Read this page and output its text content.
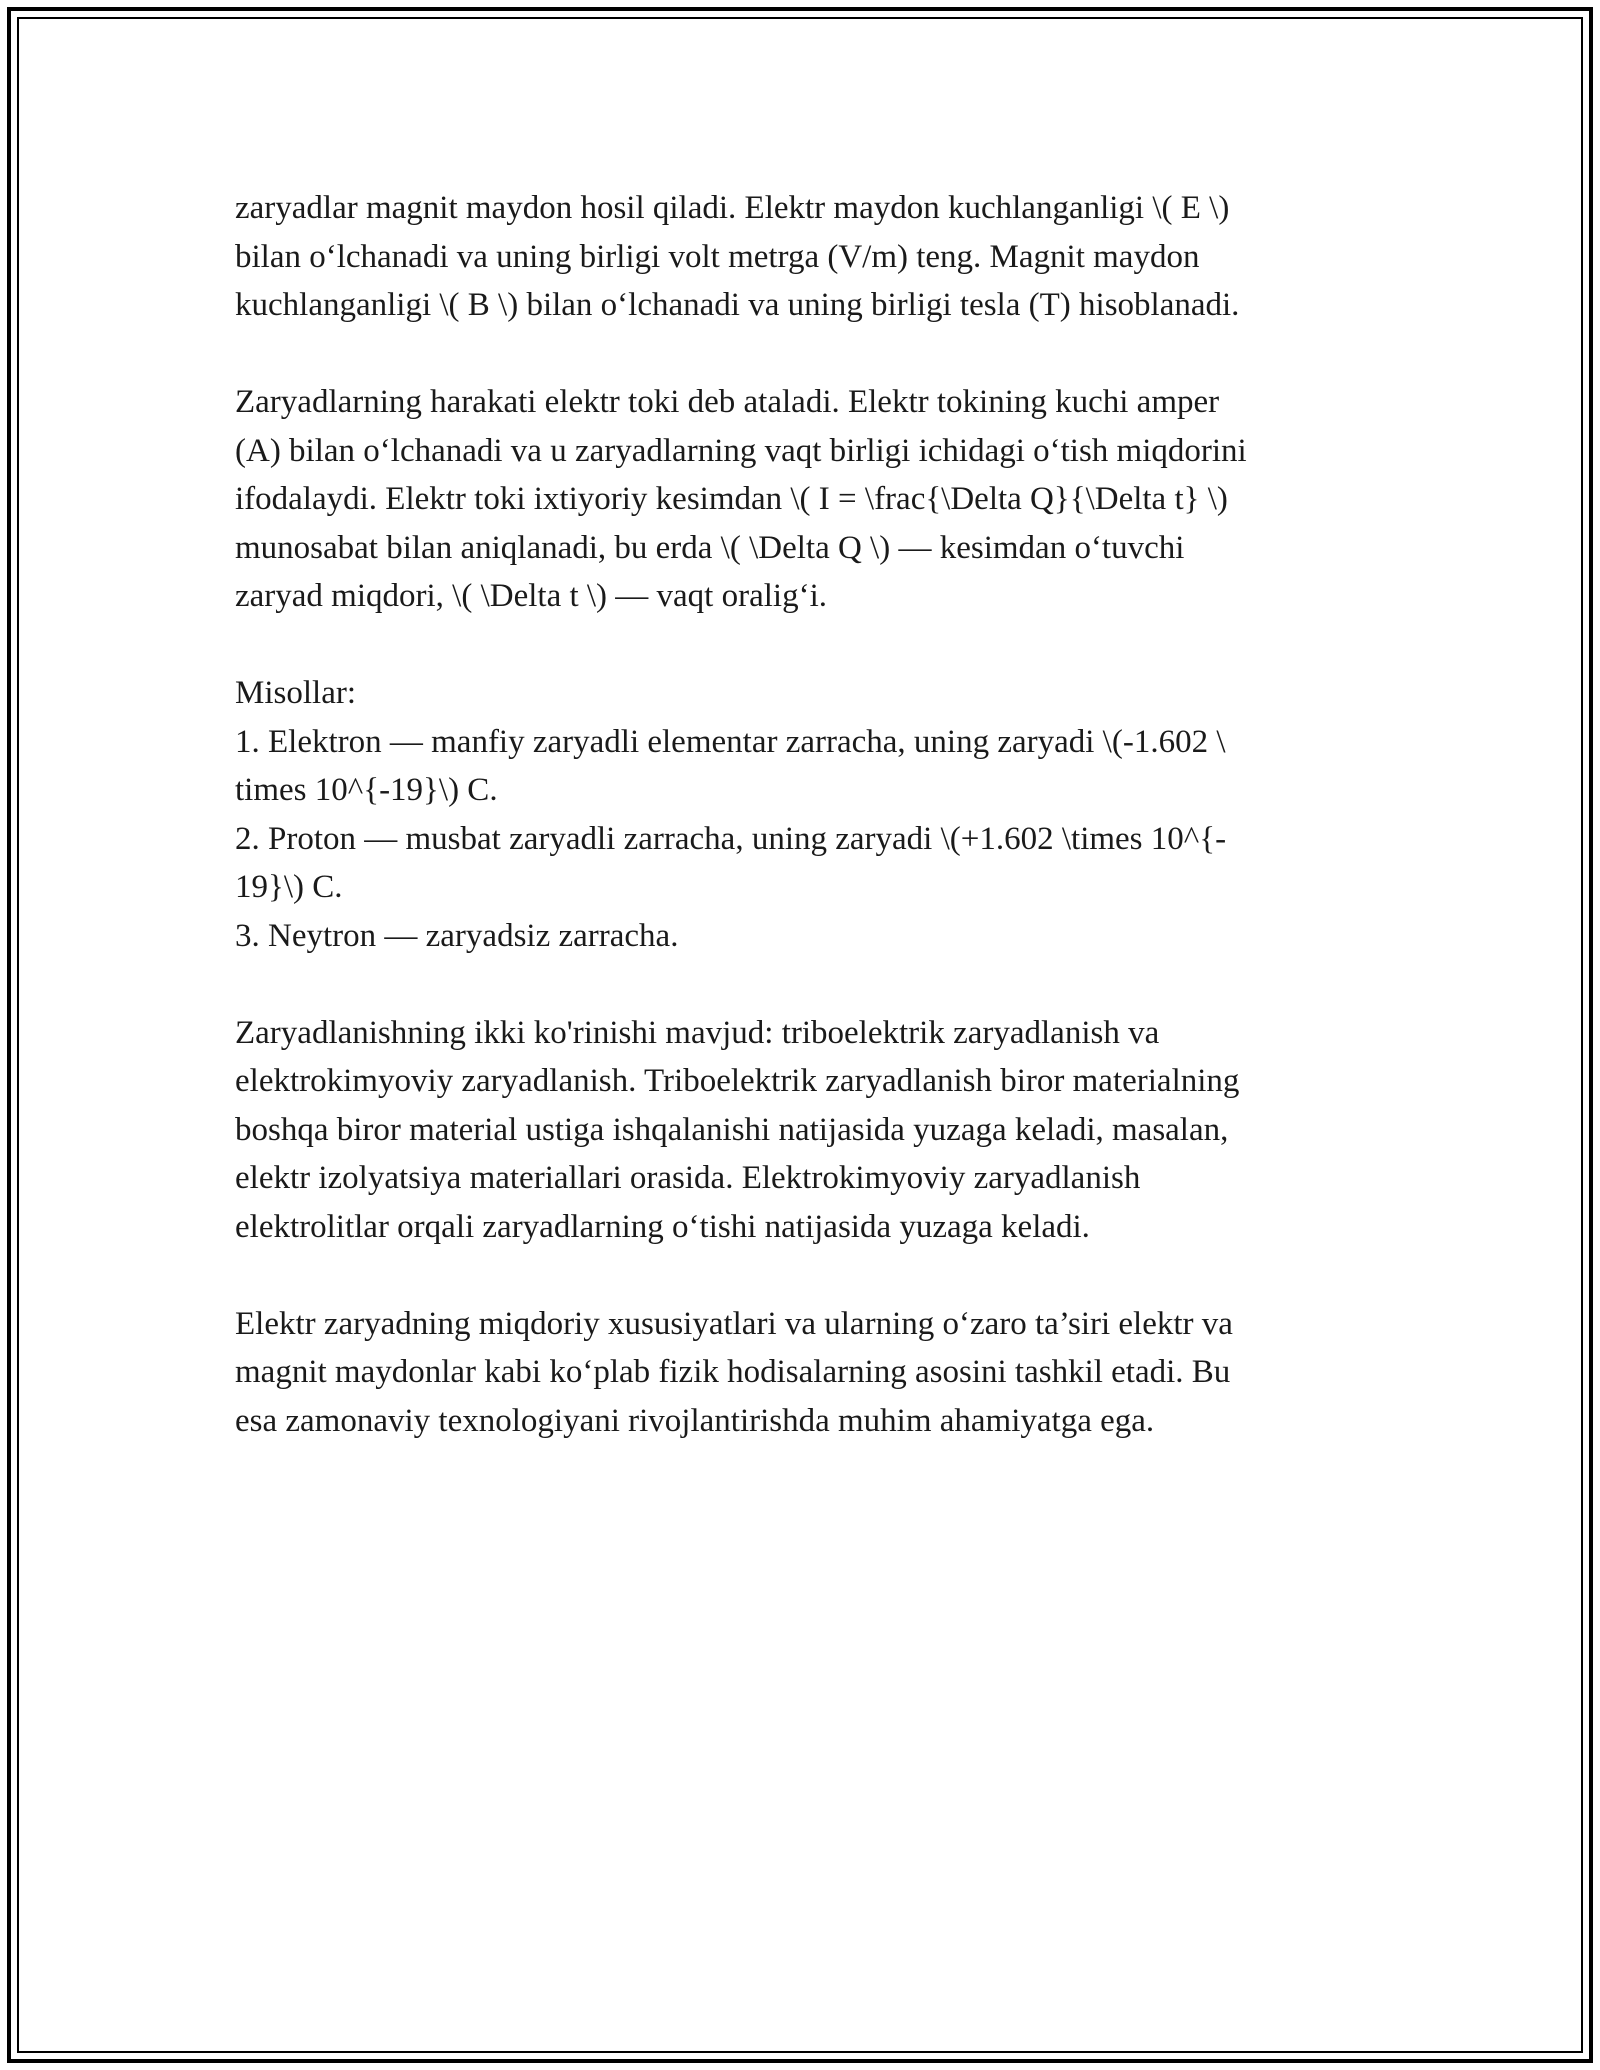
zaryadlar magnit maydon hosil qiladi. Elektr maydon kuchlanganligi \( E \)
bilan o‘lchanadi va uning birligi volt metrga (V/m) teng. Magnit maydon
kuchlanganligi \( B \) bilan o‘lchanadi va uning birligi tesla (T) hisoblanadi.

Zaryadlarning harakati elektr toki deb ataladi. Elektr tokining kuchi amper
(A) bilan o‘lchanadi va u zaryadlarning vaqt birligi ichidagi o‘tish miqdorini
ifodalaydi. Elektr toki ixtiyoriy kesimdan \( I = \frac{\Delta Q}{\Delta t} \)
munosabat bilan aniqlanadi, bu erda \( \Delta Q \) — kesimdan o‘tuvchi
zaryad miqdori, \( \Delta t \) — vaqt oralig‘i.

Misollar:
1. Elektron — manfiy zaryadli elementar zarracha, uning zaryadi \(-1.602 \
times 10^{-19}\) C.
2. Proton — musbat zaryadli zarracha, uning zaryadi \(+1.602 \times 10^{-
19}\) C.
3. Neytron — zaryadsiz zarracha.

Zaryadlanishning ikki ko'rinishi mavjud: triboelektrik zaryadlanish va
elektrokimyoviy zaryadlanish. Triboelektrik zaryadlanish biror materialning
boshqa biror material ustiga ishqalanishi natijasida yuzaga keladi, masalan,
elektr izolyatsiya materiallari orasida. Elektrokimyoviy zaryadlanish
elektrolitlar orqali zaryadlarning o‘tishi natijasida yuzaga keladi.

Elektr zaryadning miqdoriy xususiyatlari va ularning o‘zaro ta’siri elektr va
magnit maydonlar kabi ko‘plab fizik hodisalarning asosini tashkil etadi. Bu
esa zamonaviy texnologiyani rivojlantirishda muhim ahamiyatga ega.
